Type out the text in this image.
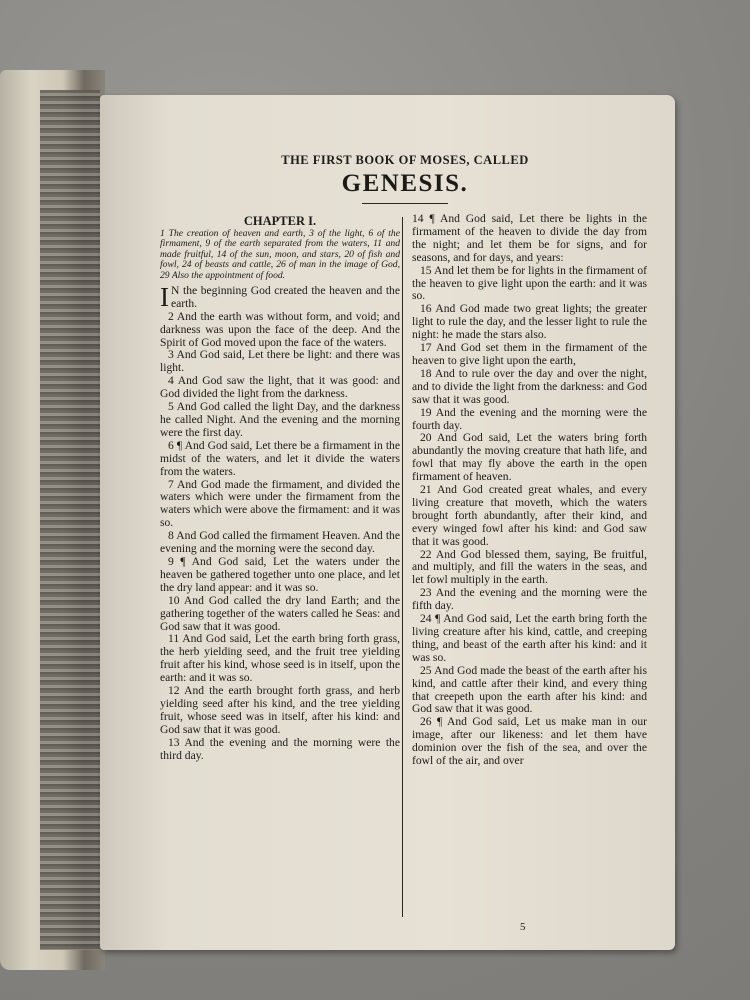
THE FIRST BOOK OF MOSES, CALLED
GENESIS.
CHAPTER I.

1 The creation of heaven and earth, 3 of the light, 6 of the firmament, 9 of the earth separated from the waters, 11 and made fruitful, 14 of the sun, moon, and stars, 20 of fish and fowl, 24 of beasts and cattle, 26 of man in the image of God, 29 Also the appointment of food.

I N the beginning God created the heaven and the earth.

2 And the earth was without form, and void; and darkness was upon the face of the deep. And the Spirit of God moved upon the face of the waters.

3 And God said, Let there be light: and there was light.

4 And God saw the light, that it was good: and God divided the light from the darkness.

5 And God called the light Day, and the darkness he called Night. And the evening and the morning were the first day.

6 ¶ And God said, Let there be a firmament in the midst of the waters, and let it divide the waters from the waters.

7 And God made the firmament, and divided the waters which were under the firmament from the waters which were above the firmament: and it was so.

8 And God called the firmament Heaven. And the evening and the morning were the second day.

9 ¶ And God said, Let the waters under the heaven be gathered together unto one place, and let the dry land appear: and it was so.

10 And God called the dry land Earth; and the gathering together of the waters called he Seas: and God saw that it was good.

11 And God said, Let the earth bring forth grass, the herb yielding seed, and the fruit tree yielding fruit after his kind, whose seed is in itself, upon the earth: and it was so.

12 And the earth brought forth grass, and herb yielding seed after his kind, and the tree yielding fruit, whose seed was in itself, after his kind: and God saw that it was good.

13 And the evening and the morning were the third day.

14 ¶ And God said, Let there be lights in the firmament of the heaven to divide the day from the night; and let them be for signs, and for seasons, and for days, and years:

15 And let them be for lights in the firmament of the heaven to give light upon the earth: and it was so.

16 And God made two great lights; the greater light to rule the day, and the lesser light to rule the night: he made the stars also.

17 And God set them in the firmament of the heaven to give light upon the earth,

18 And to rule over the day and over the night, and to divide the light from the darkness: and God saw that it was good.

19 And the evening and the morning were the fourth day.

20 And God said, Let the waters bring forth abundantly the moving creature that hath life, and fowl that may fly above the earth in the open firmament of heaven.

21 And God created great whales, and every living creature that moveth, which the waters brought forth abundantly, after their kind, and every winged fowl after his kind: and God saw that it was good.

22 And God blessed them, saying, Be fruitful, and multiply, and fill the waters in the seas, and let fowl multiply in the earth.

23 And the evening and the morning were the fifth day.

24 ¶ And God said, Let the earth bring forth the living creature after his kind, cattle, and creeping thing, and beast of the earth after his kind: and it was so.

25 And God made the beast of the earth after his kind, and cattle after their kind, and every thing that creepeth upon the earth after his kind: and God saw that it was good.

26 ¶ And God said, Let us make man in our image, after our likeness: and let them have dominion over the fish of the sea, and over the fowl of the air, and over

5
